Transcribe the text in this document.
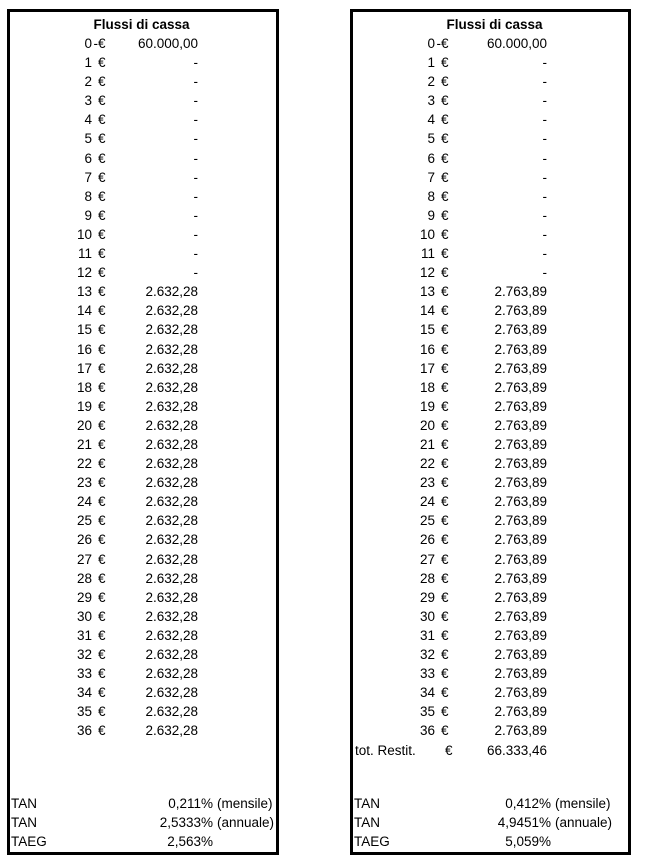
Flussi di cassa
0 - €	60.000,00
1 €	-
2 €	-
3 €	-
4 €	-
5 €	-
6 €	-
7 €	-
8 €	-
9 €	-
10 €	-
11 €	-
12 €	-
13 €	2.632,28
14 €	2.632,28
15 €	2.632,28
16 €	2.632,28
17 €	2.632,28
18 €	2.632,28
19 €	2.632,28
20 €	2.632,28
21 €	2.632,28
22 €	2.632,28
23 €	2.632,28
24 €	2.632,28
25 €	2.632,28
26 €	2.632,28
27 €	2.632,28
28 €	2.632,28
29 €	2.632,28
30 €	2.632,28
31 €	2.632,28
32 €	2.632,28
33 €	2.632,28
34 €	2.632,28
35 €	2.632,28
36 €	2.632,28
TAN	0,211% (mensile)
TAN	2,5333% (annuale)
TAEG	2,563%
Flussi di cassa
0 - €	60.000,00
1 €	-
2 €	-
3 €	-
4 €	-
5 €	-
6 €	-
7 €	-
8 €	-
9 €	-
10 €	-
11 €	-
12 €	-
13 €	2.763,89
14 €	2.763,89
15 €	2.763,89
16 €	2.763,89
17 €	2.763,89
18 €	2.763,89
19 €	2.763,89
20 €	2.763,89
21 €	2.763,89
22 €	2.763,89
23 €	2.763,89
24 €	2.763,89
25 €	2.763,89
26 €	2.763,89
27 €	2.763,89
28 €	2.763,89
29 €	2.763,89
30 €	2.763,89
31 €	2.763,89
32 €	2.763,89
33 €	2.763,89
34 €	2.763,89
35 €	2.763,89
36 €	2.763,89
tot. Restit. €	66.333,46
TAN	0,412% (mensile)
TAN	4,9451% (annuale)
TAEG	5,059%
